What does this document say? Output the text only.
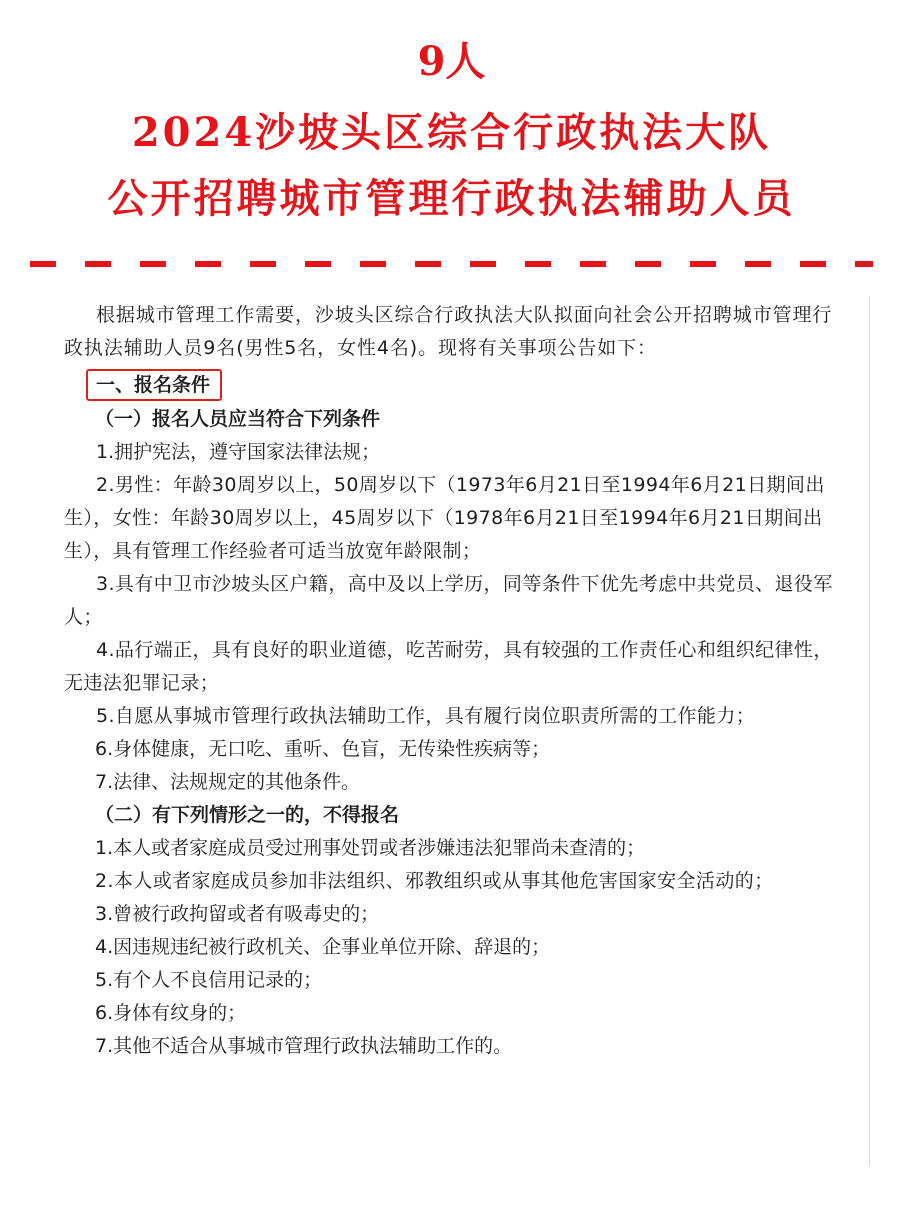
9人
2024沙坡头区综合行政执法大队
公开招聘城市管理行政执法辅助人员

根据城市管理工作需要，沙坡头区综合行政执法大队拟面向社会公开招聘城市管理行政执法辅助人员9名(男性5名，女性4名)。现将有关事项公告如下：

一、报名条件

（一）报名人员应当符合下列条件

1.拥护宪法，遵守国家法律法规；

2.男性：年龄30周岁以上，50周岁以下（1973年6月21日至1994年6月21日期间出生），女性：年龄30周岁以上，45周岁以下（1978年6月21日至1994年6月21日期间出生），具有管理工作经验者可适当放宽年龄限制；

3.具有中卫市沙坡头区户籍，高中及以上学历，同等条件下优先考虑中共党员、退役军人；

4.品行端正，具有良好的职业道德，吃苦耐劳，具有较强的工作责任心和组织纪律性，无违法犯罪记录；

5.自愿从事城市管理行政执法辅助工作，具有履行岗位职责所需的工作能力；

6.身体健康，无口吃、重听、色盲，无传染性疾病等；

7.法律、法规规定的其他条件。

（二）有下列情形之一的，不得报名

1.本人或者家庭成员受过刑事处罚或者涉嫌违法犯罪尚未查清的；

2.本人或者家庭成员参加非法组织、邪教组织或从事其他危害国家安全活动的；

3.曾被行政拘留或者有吸毒史的；

4.因违规违纪被行政机关、企事业单位开除、辞退的；

5.有个人不良信用记录的；

6.身体有纹身的；

7.其他不适合从事城市管理行政执法辅助工作的。
